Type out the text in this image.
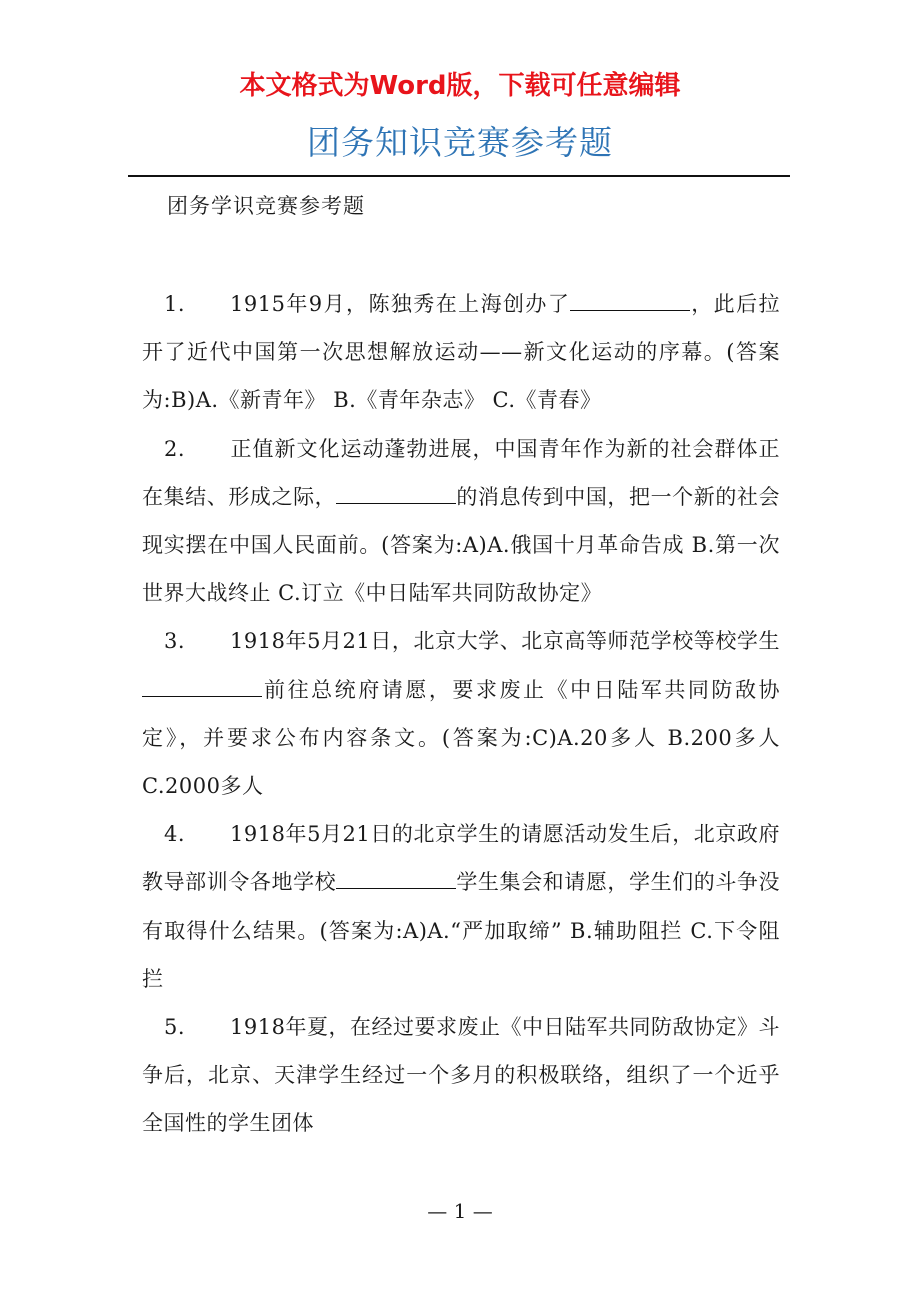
本文格式为Word版，下载可任意编辑
团务知识竞赛参考题
团务学识竞赛参考题

1. 1915年9月，陈独秀在上海创办了	，此后拉开了近代中国第一次思想解放运动——新文化运动的序幕。(答案为:B)A.《新青年》 B.《青年杂志》 C.《青春》

2. 正值新文化运动蓬勃进展，中国青年作为新的社会群体正在集结、形成之际，	的消息传到中国，把一个新的社会现实摆在中国人民面前。(答案为:A)A.俄国十月革命告成 B.第一次世界大战终止 C.订立《中日陆军共同防敌协定》

3. 1918年5月21日，北京大学、北京高等师范学校等校学生前往总统府请愿，要求废止《中日陆军共同防敌协定》，并要求公布内容条文。(答案为:C)A.20多人 B.200多人 C.2000多人

4. 1918年5月21日的北京学生的请愿活动发生后，北京政府教导部训令各地学校	学生集会和请愿，学生们的斗争没有取得什么结果。(答案为:A)A.“严加取缔” B.辅助阻拦 C.下令阻拦

5. 1918年夏，在经过要求废止《中日陆军共同防敌协定》斗争后，北京、天津学生经过一个多月的积极联络，组织了一个近乎全国性的学生团体

— 1 —
